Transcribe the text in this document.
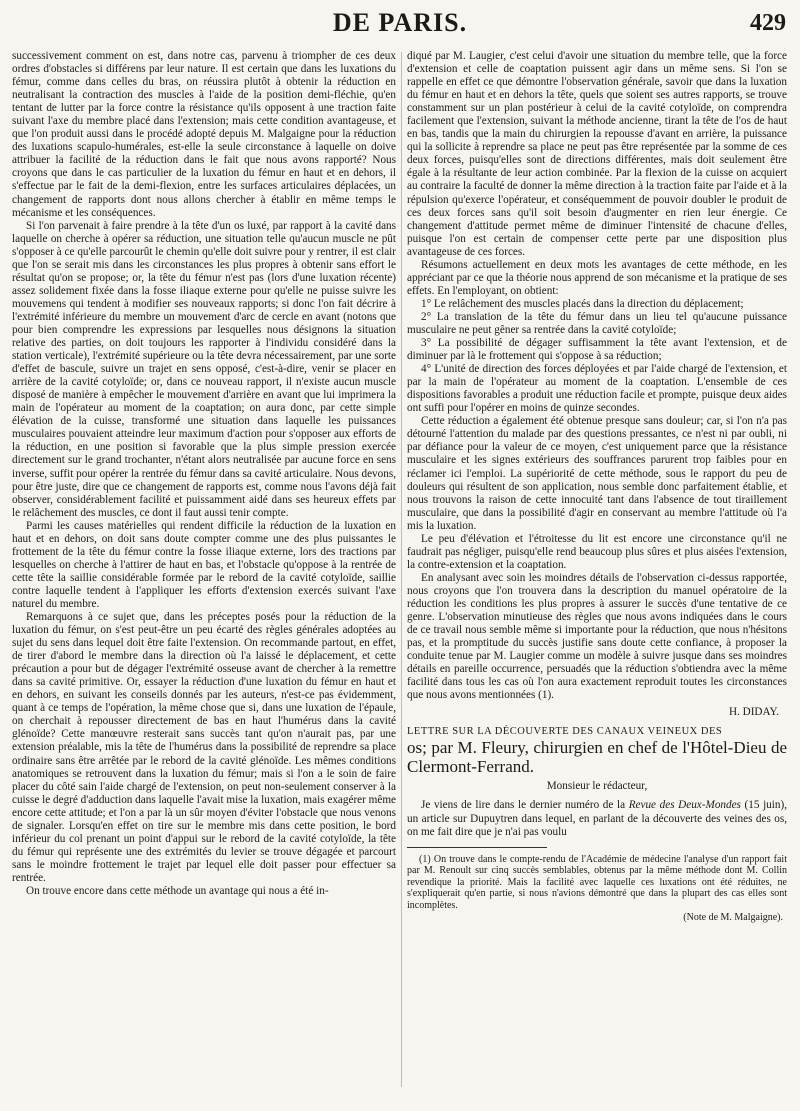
DE PARIS.	429

successivement comment on est, dans notre cas, parvenu à triompher de ces deux ordres d'obstacles si différens par leur nature. Il est certain que dans les luxations du fémur, comme dans celles du bras, on réussira plutôt à obtenir la réduction en neutralisant la contraction des muscles à l'aide de la position demi-fléchie, qu'en tentant de lutter par la force contre la résistance qu'ils opposent à une traction faite suivant l'axe du membre placé dans l'extension; mais cette condition avantageuse, et que l'on produit aussi dans le procédé adopté depuis M. Malgaigne pour la réduction des luxations scapulo-humérales, est-elle la seule circonstance à laquelle on doive attribuer la facilité de la réduction dans le fait que nous avons rapporté? Nous croyons que dans le cas particulier de la luxation du fémur en haut et en dehors, il s'effectue par le fait de la demi-flexion, entre les surfaces articulaires déplacées, un changement de rapports dont nous allons chercher à établir en même temps le mécanisme et les conséquences.

Si l'on parvenait à faire prendre à la tête d'un os luxé, par rapport à la cavité dans laquelle on cherche à opérer sa réduction, une situation telle qu'aucun muscle ne pût s'opposer à ce qu'elle parcourût le chemin qu'elle doit suivre pour y rentrer, il est clair que l'on se serait mis dans les circonstances les plus propres à obtenir sans effort le résultat qu'on se propose; or, la tête du fémur n'est pas (lors d'une luxation récente) assez solidement fixée dans la fosse iliaque externe pour qu'elle ne puisse suivre les mouvemens qui tendent à modifier ses nouveaux rapports; si donc l'on fait décrire à l'extrémité inférieure du membre un mouvement d'arc de cercle en avant (notons que pour bien comprendre les expressions par lesquelles nous désignons la situation relative des parties, on doit toujours les rapporter à l'individu considéré dans la station verticale), l'extrémité supérieure ou la tête devra nécessairement, par une sorte d'effet de bascule, suivre un trajet en sens opposé, c'est-à-dire, venir se placer en arrière de la cavité cotyloïde; or, dans ce nouveau rapport, il n'existe aucun muscle disposé de manière à empêcher le mouvement d'arrière en avant que lui imprimera la main de l'opérateur au moment de la coaptation; on aura donc, par cette simple élévation de la cuisse, transformé une situation dans laquelle les puissances musculaires pouvaient atteindre leur maximum d'action pour s'opposer aux efforts de la réduction, en une position si favorable que la plus simple pression exercée directement sur le grand trochanter, n'étant alors neutralisée par aucune force en sens inverse, suffit pour opérer la rentrée du fémur dans sa cavité articulaire. Nous devons, pour être juste, dire que ce changement de rapports est, comme nous l'avons déjà fait observer, considérablement facilité et puissamment aidé dans ses heureux effets par le relâchement des muscles, ce dont il faut aussi tenir compte.

Parmi les causes matérielles qui rendent difficile la réduction de la luxation en haut et en dehors, on doit sans doute compter comme une des plus puissantes le frottement de la tête du fémur contre la fosse iliaque externe, lors des tractions par lesquelles on cherche à l'attirer de haut en bas, et l'obstacle qu'oppose à la rentrée de cette tête la saillie considérable formée par le rebord de la cavité cotyloïde, saillie contre laquelle tendent à l'appliquer les efforts d'extension exercés suivant l'axe naturel du membre.

Remarquons à ce sujet que, dans les préceptes posés pour la réduction de la luxation du fémur, on s'est peut-être un peu écarté des règles générales adoptées au sujet du sens dans lequel doit être faite l'extension. On recommande partout, en effet, de tirer d'abord le membre dans la direction où l'a laissé le déplacement, et cette précaution a pour but de dégager l'extrémité osseuse avant de chercher à la remettre dans sa cavité primitive. Or, essayer la réduction d'une luxation du fémur en haut et en dehors, en suivant les conseils donnés par les auteurs, n'est-ce pas évidemment, quant à ce temps de l'opération, la même chose que si, dans une luxation de l'épaule, on cherchait à repousser directement de bas en haut l'humérus dans la cavité glénoïde? Cette manœuvre resterait sans succès tant qu'on n'aurait pas, par une extension préalable, mis la tête de l'humérus dans la possibilité de reprendre sa place ordinaire sans être arrêtée par le rebord de la cavité glénoïde. Les mêmes conditions anatomiques se retrouvent dans la luxation du fémur; mais si l'on a le soin de faire placer du côté sain l'aide chargé de l'extension, on peut non-seulement conserver à la cuisse le degré d'adduction dans laquelle l'avait mise la luxation, mais exagérer même encore cette attitude; et l'on a par là un sûr moyen d'éviter l'obstacle que nous venons de signaler. Lorsqu'en effet on tire sur le membre mis dans cette position, le bord inférieur du col prenant un point d'appui sur le rebord de la cavité cotyloïde, la tête du fémur qui représente une des extrémités du levier se trouve dégagée et parcourt sans le moindre frottement le trajet par lequel elle doit passer pour effectuer sa rentrée.

On trouve encore dans cette méthode un avantage qui nous a été in-

diqué par M. Laugier, c'est celui d'avoir une situation du membre telle, que la force d'extension et celle de coaptation puissent agir dans un même sens. Si l'on se rappelle en effet ce que démontre l'observation générale, savoir que dans la luxation du fémur en haut et en dehors la tête, quels que soient ses autres rapports, se trouve constamment sur un plan postérieur à celui de la cavité cotyloïde, on comprendra facilement que l'extension, suivant la méthode ancienne, tirant la tête de l'os de haut en bas, tandis que la main du chirurgien la repousse d'avant en arrière, la puissance qui la sollicite à reprendre sa place ne peut pas être représentée par la somme de ces deux forces, puisqu'elles sont de directions différentes, mais doit seulement être égale à la résultante de leur action combinée. Par la flexion de la cuisse on acquiert au contraire la faculté de donner la même direction à la traction faite par l'aide et à la répulsion qu'exerce l'opérateur, et conséquemment de pouvoir doubler le produit de ces deux forces sans qu'il soit besoin d'augmenter en rien leur énergie. Ce changement d'attitude permet même de diminuer l'intensité de chacune d'elles, puisque l'on est certain de compenser cette perte par une disposition plus avantageuse de ces forces.

Résumons actuellement en deux mots les avantages de cette méthode, en les appréciant par ce que la théorie nous apprend de son mécanisme et la pratique de ses effets. En l'employant, on obtient:

1° Le relâchement des muscles placés dans la direction du déplacement;

2° La translation de la tête du fémur dans un lieu tel qu'aucune puissance musculaire ne peut gêner sa rentrée dans la cavité cotyloïde;

3° La possibilité de dégager suffisamment la tête avant l'extension, et de diminuer par là le frottement qui s'oppose à sa réduction;

4° L'unité de direction des forces déployées et par l'aide chargé de l'extension, et par la main de l'opérateur au moment de la coaptation. L'ensemble de ces dispositions favorables a produit une réduction facile et prompte, puisque deux aides ont suffi pour l'opérer en moins de quinze secondes.

Cette réduction a également été obtenue presque sans douleur; car, si l'on n'a pas détourné l'attention du malade par des questions pressantes, ce n'est ni par oubli, ni par défiance pour la valeur de ce moyen, c'est uniquement parce que la résistance musculaire et les signes extérieurs des souffrances parurent trop faibles pour en réclamer ici l'emploi. La supériorité de cette méthode, sous le rapport du peu de douleurs qui résultent de son application, nous semble donc parfaitement établie, et nous trouvons la raison de cette innocuité tant dans l'absence de tout tiraillement musculaire, que dans la possibilité d'agir en conservant au membre l'attitude où l'a mis la luxation.

Le peu d'élévation et l'étroitesse du lit est encore une circonstance qu'il ne faudrait pas négliger, puisqu'elle rend beaucoup plus sûres et plus aisées l'extension, la contre-extension et la coaptation.

En analysant avec soin les moindres détails de l'observation ci-dessus rapportée, nous croyons que l'on trouvera dans la description du manuel opératoire de la réduction les conditions les plus propres à assurer le succès d'une tentative de ce genre. L'observation minutieuse des règles que nous avons indiquées dans le cours de ce travail nous semble même si importante pour la réduction, que nous n'hésitons pas, et la promptitude du succès justifie sans doute cette confiance, à proposer la conduite tenue par M. Laugier comme un modèle à suivre jusque dans ses moindres détails en pareille occurrence, persuadés que la réduction s'obtiendra avec la même facilité dans tous les cas où l'on aura exactement reproduit toutes les circonstances que nous avons mentionnées (1).

H. DIDAY.
LETTRE SUR LA DÉCOUVERTE DES CANAUX VEINEUX DES
os; par M. Fleury, chirurgien en chef de l'Hôtel-Dieu de Clermont-Ferrand.
Monsieur le rédacteur,

Je viens de lire dans le dernier numéro de la Revue des Deux-Mondes (15 juin), un article sur Dupuytren dans lequel, en parlant de la découverte des veines des os, on me fait dire que je n'ai pas voulu

(1) On trouve dans le compte-rendu de l'Académie de médecine l'analyse d'un rapport fait par M. Renoult sur cinq succès semblables, obtenus par la même méthode dont M. Collin revendique la priorité. Mais la facilité avec laquelle ces luxations ont été réduites, ne s'expliquerait qu'en partie, si nous n'avions démontré que dans la plupart des cas elles sont incomplètes.

(Note de M. Malgaigne).
